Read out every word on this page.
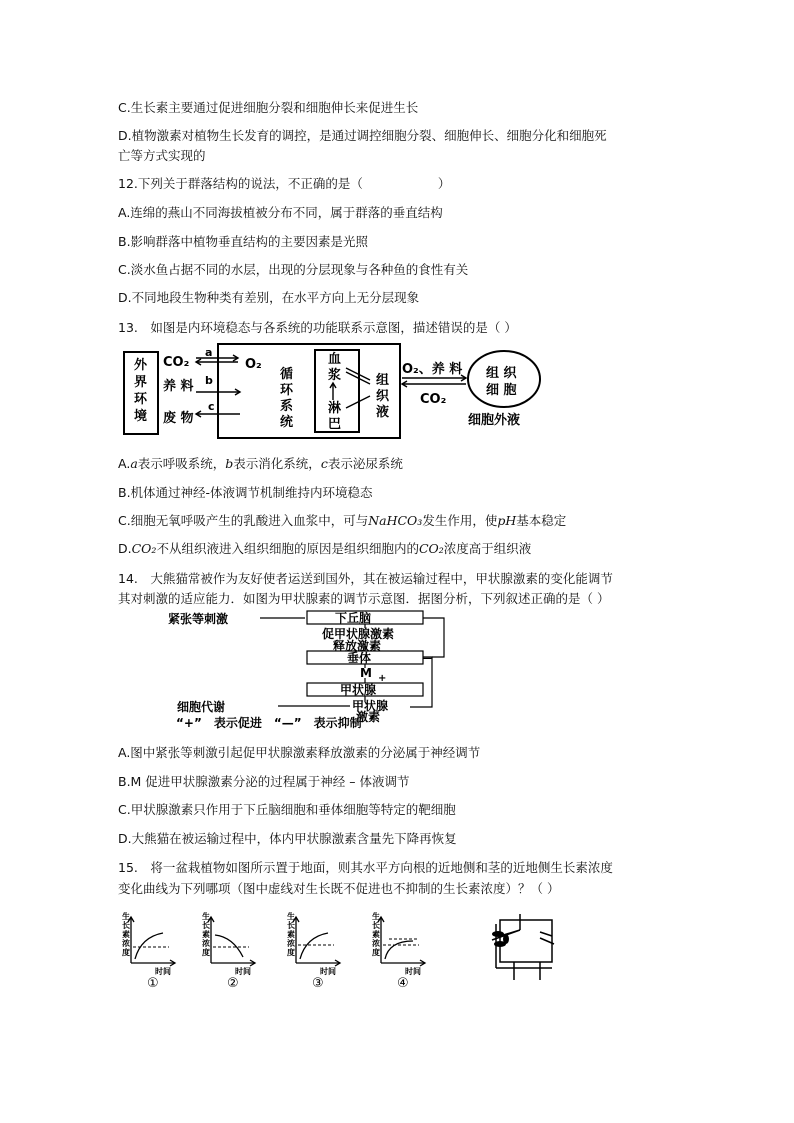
C.生长素主要通过促进细胞分裂和细胞伸长来促进生长
D.植物激素对植物生长发育的调控，是通过调控细胞分裂、细胞伸长、细胞分化和细胞死
亡等方式实现的
12.下列关于群落结构的说法，不正确的是（　　　　　　）
A.连绵的燕山不同海拔植被分布不同，属于群落的垂直结构
B.影响群落中植物垂直结构的主要因素是光照
C.淡水鱼占据不同的水层，出现的分层现象与各种鱼的食性有关
D.不同地段生物种类有差别，在水平方向上无分层现象
13.　如图是内环境稳态与各系统的功能联系示意图，描述错误的是（ ）
外
界
环
境
CO₂
a
O₂
养 料 b
废 物
c
循
环
系
统
血
浆
淋
巴
组
织
液
O₂、养 料
CO₂
组 织
细 胞
细胞外液
A.a表示呼吸系统，b表示消化系统，c表示泌尿系统
B.机体通过神经-体液调节机制维持内环境稳态
C.细胞无氧呼吸产生的乳酸进入血浆中，可与NaHCO₃发生作用，使pH基本稳定
D.CO₂不从组织液进入组织细胞的原因是组织细胞内的CO₂浓度高于组织液
14.　大熊猫常被作为友好使者运送到国外，其在被运输过程中，甲状腺激素的变化能调节
其对刺激的适应能力．如图为甲状腺素的调节示意图．据图分析，下列叙述正确的是（ ）
紧张等刺激	下丘脑
促甲状腺激素
释放激素
垂体
M +
甲状腺
细胞代谢	甲状腺
激素
—
“+”　表示促进　“—”　表示抑制
A.图中紧张等刺激引起促甲状腺激素释放激素的分泌属于神经调节
B.M 促进甲状腺激素分泌的过程属于神经 – 体液调节
C.甲状腺激素只作用于下丘脑细胞和垂体细胞等特定的靶细胞
D.大熊猫在被运输过程中，体内甲状腺激素含量先下降再恢复
15.　将一盆栽植物如图所示置于地面，则其水平方向根的近地侧和茎的近地侧生长素浓度
变化曲线为下列哪项（图中虚线对生长既不促进也不抑制的生长素浓度）？（ ）
生
长
素
浓
度
时间
①
生
长
素
浓
度
时间
②
生
长
素
浓
度
时间
③
生
长
素
浓
度
时间
④
